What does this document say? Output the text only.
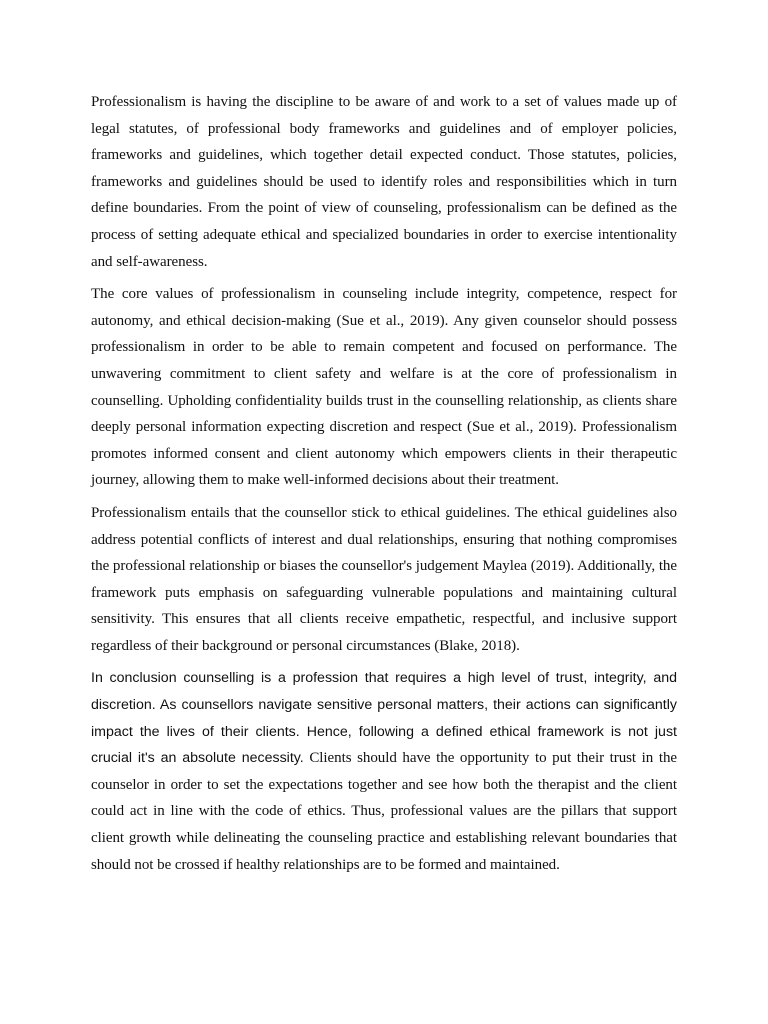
Professionalism is having the discipline to be aware of and work to a set of values made up of legal statutes, of professional body frameworks and guidelines and of employer policies, frameworks and guidelines, which together detail expected conduct. Those statutes, policies, frameworks and guidelines should be used to identify roles and responsibilities which in turn define boundaries. From the point of view of counseling, professionalism can be defined as the process of setting adequate ethical and specialized boundaries in order to exercise intentionality and self-awareness.

The core values of professionalism in counseling include integrity, competence, respect for autonomy, and ethical decision-making (Sue et al., 2019). Any given counselor should possess professionalism in order to be able to remain competent and focused on performance. The unwavering commitment to client safety and welfare is at the core of professionalism in counselling. Upholding confidentiality builds trust in the counselling relationship, as clients share deeply personal information expecting discretion and respect (Sue et al., 2019). Professionalism promotes informed consent and client autonomy which empowers clients in their therapeutic journey, allowing them to make well-informed decisions about their treatment.

Professionalism entails that the counsellor stick to ethical guidelines. The ethical guidelines also address potential conflicts of interest and dual relationships, ensuring that nothing compromises the professional relationship or biases the counsellor's judgement Maylea (2019). Additionally, the framework puts emphasis on safeguarding vulnerable populations and maintaining cultural sensitivity. This ensures that all clients receive empathetic, respectful, and inclusive support regardless of their background or personal circumstances (Blake, 2018).

In conclusion counselling is a profession that requires a high level of trust, integrity, and discretion. As counsellors navigate sensitive personal matters, their actions can significantly impact the lives of their clients. Hence, following a defined ethical framework is not just crucial it's an absolute necessity. Clients should have the opportunity to put their trust in the counselor in order to set the expectations together and see how both the therapist and the client could act in line with the code of ethics. Thus, professional values are the pillars that support client growth while delineating the counseling practice and establishing relevant boundaries that should not be crossed if healthy relationships are to be formed and maintained.
